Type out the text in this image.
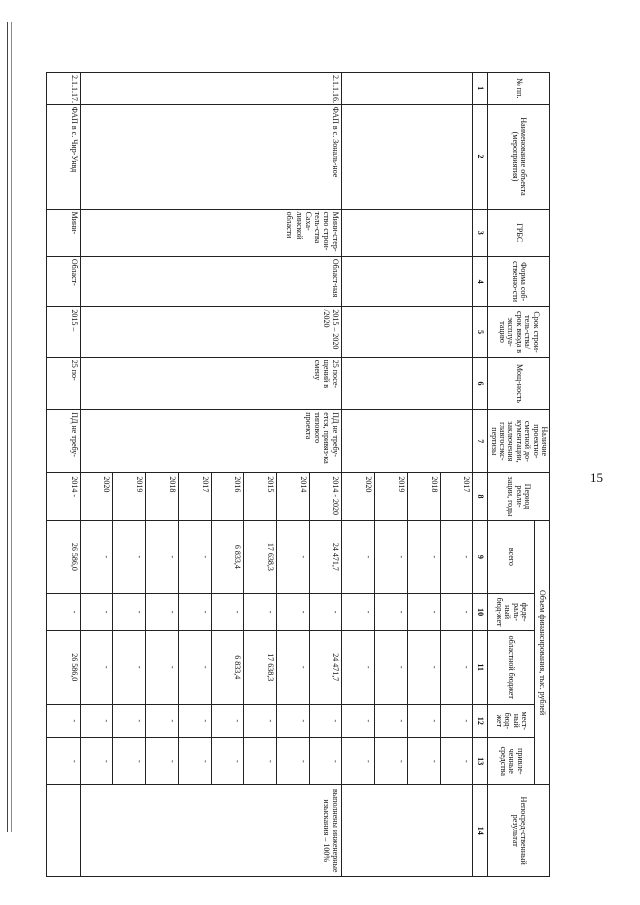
15
№ пп.	Наименование объекта (мероприятия)	ГРБС	Форма соб-ственно-сти	Срок строи-тель-ства/срок ввода в эксплуа-тацию	Мощ-ность	Наличие проектно-сметной до-кументации, заключения главгосэкс-пертизы	Период реали-зации, годы	Объем финансирования, тыс. рублей					Непосред-ственный результат
								всего	феде-раль-ный бюд-жет	областной бюджет	мест-ный бюд-жет	привле-ченные средства	
1	2	3	4	5	6	7	8	9	10	11	12	13	14
							2017	-	-	-	-	-	
							2018	-	-	-	-	-	
							2019	-	-	-	-	-	
							2020	-	-	-	-	-	
2.1.1.16.	ФАП в с. Зональ-ное	Мини-стер-ство строи-тель-ства Саха-линской области	Област-ная	2015 – 2020 /2020	25 посе-щений в смену	ПД не требу-ется, привяз-ка типового проекта	2014 - 2020	24 471,7	-	24 471,7	-	-	выполнены инженерные изыскания – 100%
							2014	-	-	-	-	-	
							2015	17 638,3	-	17 638,3	-	-	
							2016	6 833,4	-	6 833,4	-	-	
							2017	-	-	-	-	-	
							2018	-	-	-	-	-	
							2019	-	-	-	-	-	
							2020	-	-	-	-	-	
2.1.1.17.	ФАП в с. Чир-Унвд	Мини-	Област-	2015 –	25 по-	ПД не требу-	2014 -	26 586,0	-	26 586,0	-	-	
